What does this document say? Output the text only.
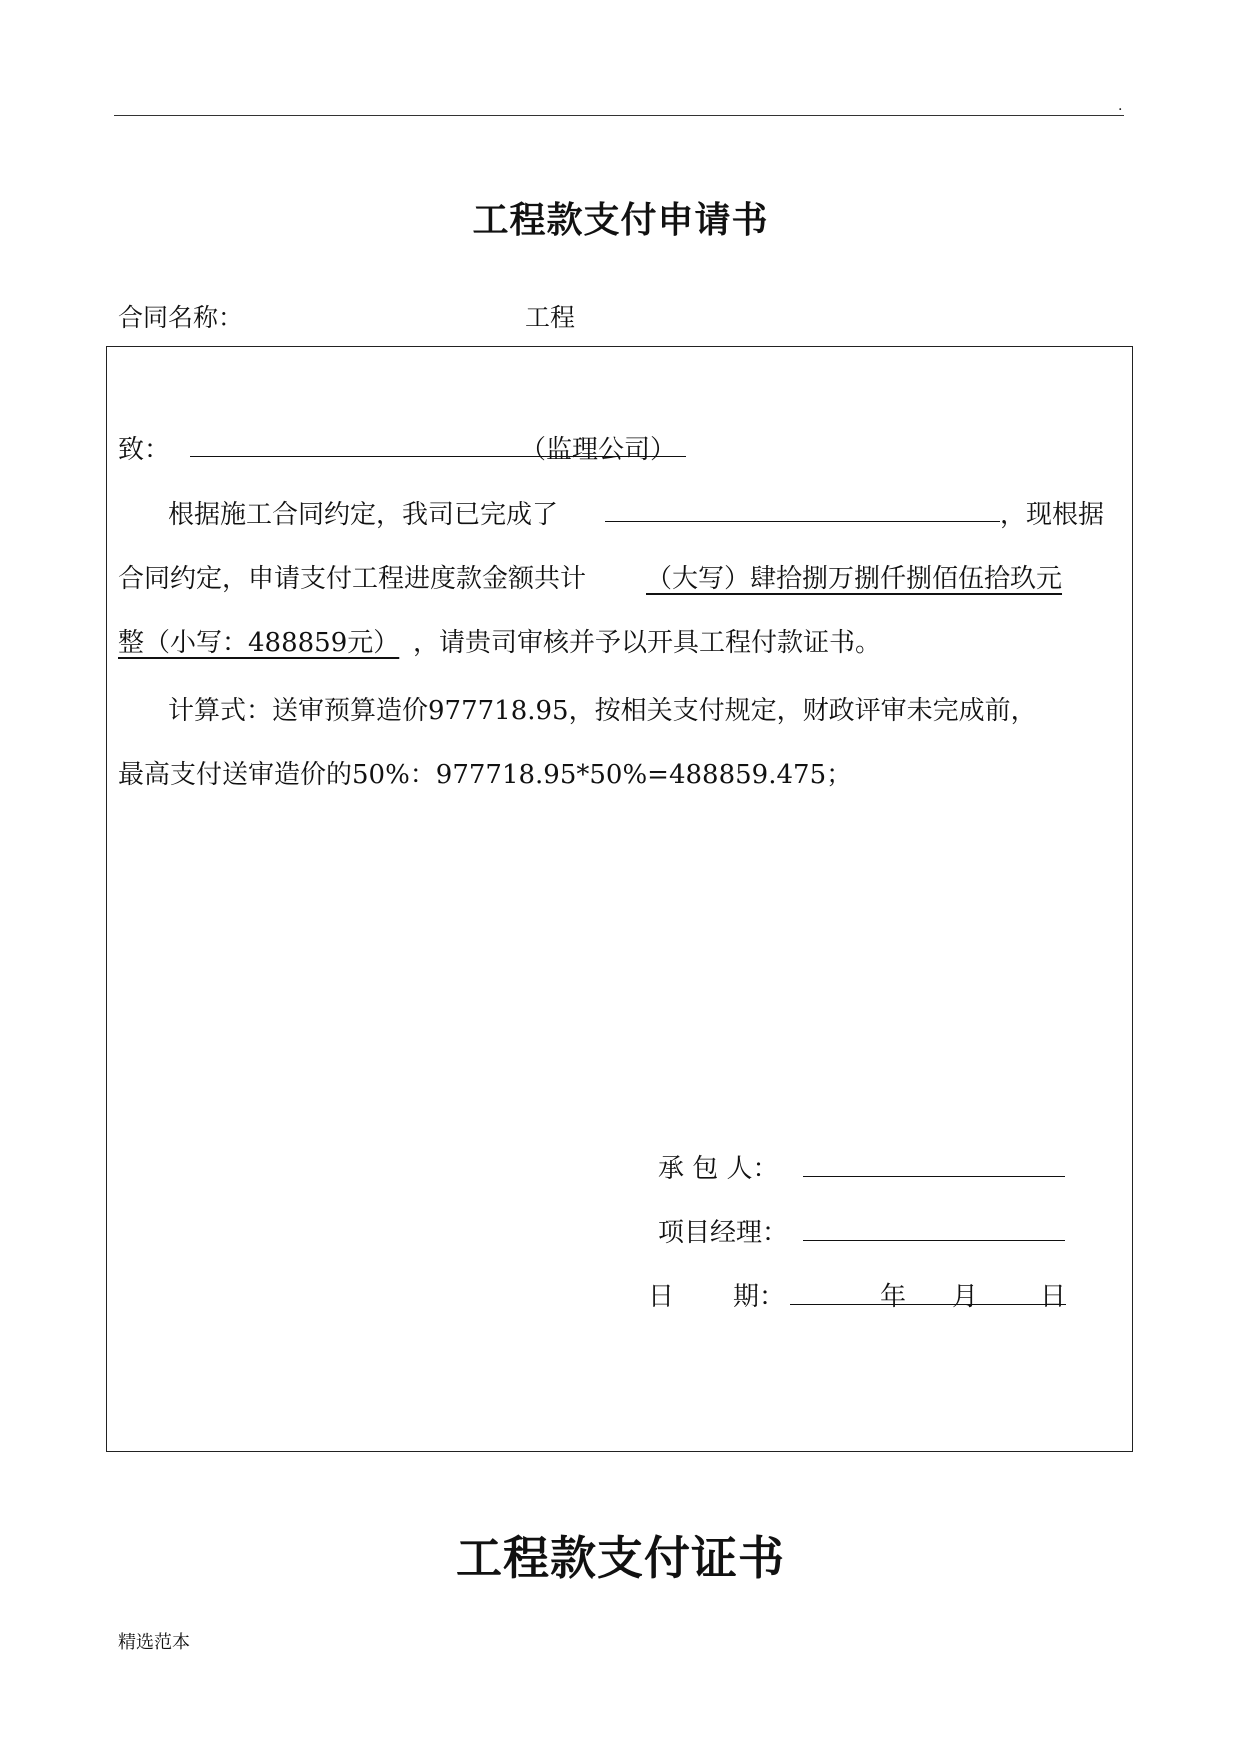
.
工程款支付申请书
合同名称：	工程
致：	（监理公司）
根据施工合同约定，我司已完成了	，现根据
合同约定，申请支付工程进度款金额共计 （大写）肆拾捌万捌仟捌佰伍拾玖元
整（小写：488859元） ，请贵司审核并予以开具工程付款证书。
计算式：送审预算造价977718.95，按相关支付规定，财政评审未完成前，
最高支付送审造价的50%：977718.95*50%=488859.475；
承 包 人：
项目经理：
日 期：	年 月 日
工程款支付证书
精选范本
